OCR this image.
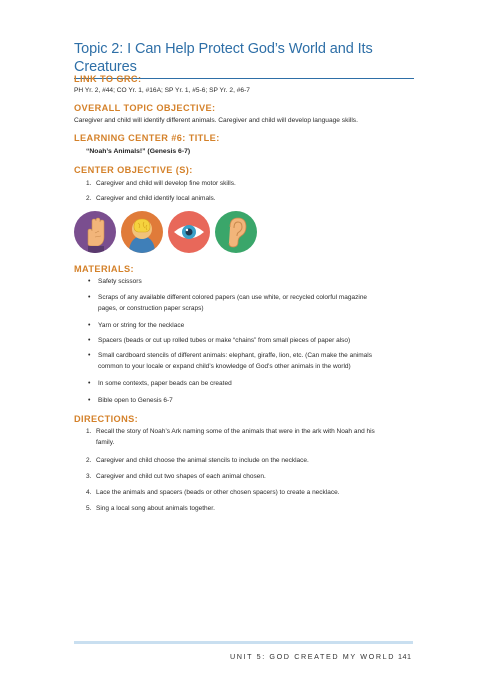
Topic 2: I Can Help Protect God’s World and Its Creatures
LINK TO GRC:
PH Yr. 2, #44; CO Yr. 1, #16A; SP Yr. 1, #5-6; SP Yr. 2, #6-7
OVERALL TOPIC OBJECTIVE:
Caregiver and child will identify different animals. Caregiver and child will develop language skills.
LEARNING CENTER #6: TITLE:
“Noah’s Animals!” (Genesis 6-7)
CENTER OBJECTIVE (S):
1. Caregiver and child will develop fine motor skills.
2. Caregiver and child identify local animals.
MATERIALS:
• Safety scissors
• Scraps of any available different colored papers (can use white, or recycled colorful magazine
pages, or construction paper scraps)
• Yarn or string for the necklace
• Spacers (beads or cut up rolled tubes or make “chains” from small pieces of paper also)
• Small cardboard stencils of different animals: elephant, giraffe, lion, etc. (Can make the animals
common to your locale or expand child’s knowledge of God’s other animals in the world)
• In some contexts, paper beads can be created
• Bible open to Genesis 6-7
DIRECTIONS:
1. Recall the story of Noah’s Ark naming some of the animals that were in the ark with Noah and his
family.
2. Caregiver and child choose the animal stencils to include on the necklace.
3. Caregiver and child cut two shapes of each animal chosen.
4. Lace the animals and spacers (beads or other chosen spacers) to create a necklace.
5. Sing a local song about animals together.
UNIT 5: GOD CREATED MY WORLD 141
